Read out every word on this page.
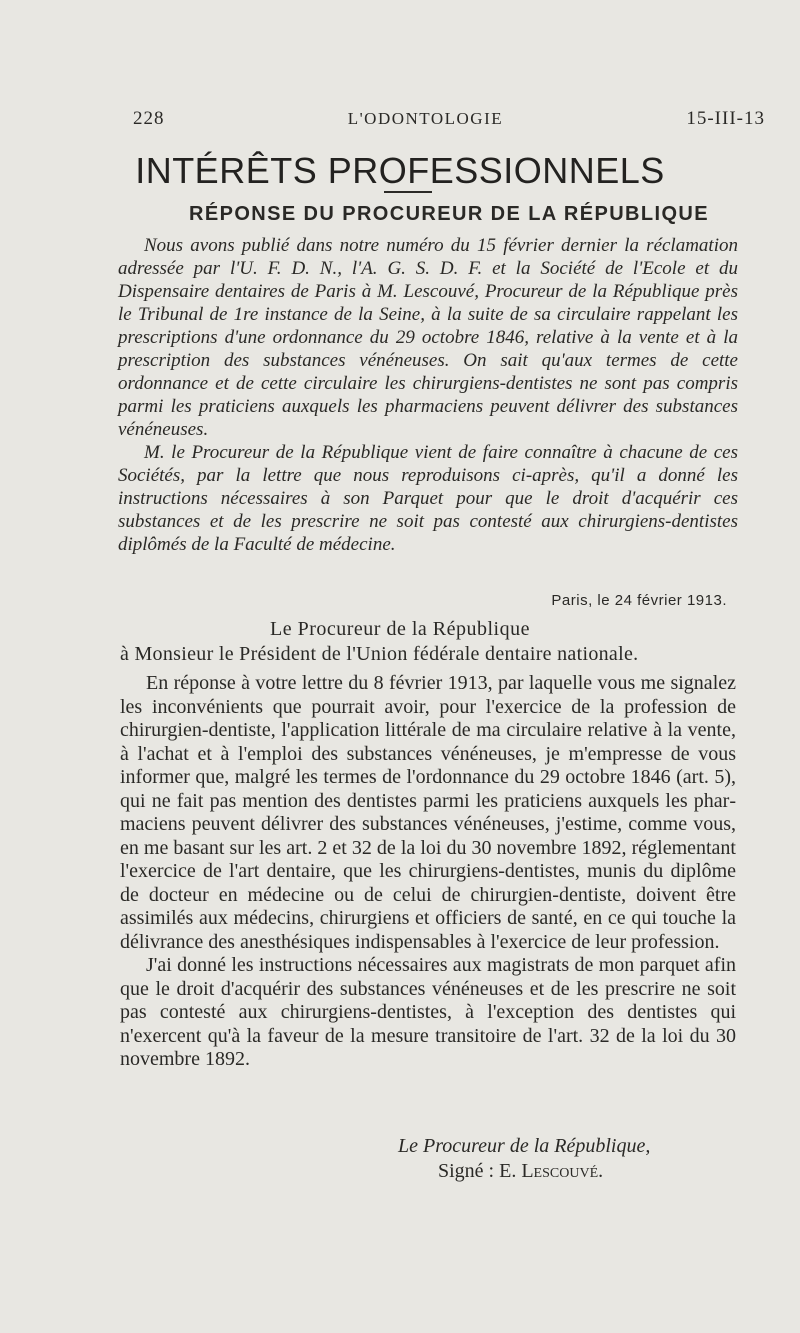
228	L'ODONTOLOGIE	15-III-13
INTÉRÊTS PROFESSIONNELS
RÉPONSE DU PROCUREUR DE LA RÉPUBLIQUE

Nous avons publié dans notre numéro du 15 février dernier la réclamation adressée par l'U. F. D. N., l'A. G. S. D. F. et la Société de l'Ecole et du Dispensaire dentaires de Paris à M. Lescouvé, Procureur de la République près le Tribunal de 1re instance de la Seine, à la suite de sa circulaire rappelant les prescriptions d'une ordonnance du 29 octobre 1846, relative à la vente et à la prescription des substances vénéneuses. On sait qu'aux termes de cette ordonnance et de cette circulaire les chirurgiens-dentistes ne sont pas compris parmi les praticiens auxquels les pharmaciens peuvent délivrer des substances vénéneuses.

M. le Procureur de la République vient de faire connaître à chacune de ces Sociétés, par la lettre que nous reproduisons ci-après, qu'il a donné les instructions nécessaires à son Parquet pour que le droit d'acquérir ces substances et de les prescrire ne soit pas contesté aux chirurgiens-dentistes diplômés de la Faculté de médecine.

Paris, le 24 février 1913.
Le Procureur de la République
à Monsieur le Président de l'Union fédérale dentaire nationale.

En réponse à votre lettre du 8 février 1913, par laquelle vous me signalez les inconvénients que pourrait avoir, pour l'exercice de la profession de chirurgien-dentiste, l'application littérale de ma circulaire relative à la vente, à l'achat et à l'emploi des substances vénéneuses, je m'empresse de vous informer que, malgré les termes de l'ordonnance du 29 octobre 1846 (art. 5), qui ne fait pas mention des dentistes parmi les praticiens auxquels les pharmaciens peuvent délivrer des substances vénéneuses, j'estime, comme vous, en me basant sur les art. 2 et 32 de la loi du 30 novembre 1892, réglementant l'exercice de l'art dentaire, que les chirurgiens-dentistes, munis du diplôme de docteur en médecine ou de celui de chirurgien-dentiste, doivent être assimilés aux médecins, chirurgiens et officiers de santé, en ce qui touche la délivrance des anesthésiques indispensables à l'exercice de leur profession.

J'ai donné les instructions nécessaires aux magistrats de mon parquet afin que le droit d'acquérir des substances vénéneuses et de les prescrire ne soit pas contesté aux chirurgiens-dentistes, à l'exception des dentistes qui n'exercent qu'à la faveur de la mesure transitoire de l'art. 32 de la loi du 30 novembre 1892.

Le Procureur de la République,
Signé : E. Lescouvé.
